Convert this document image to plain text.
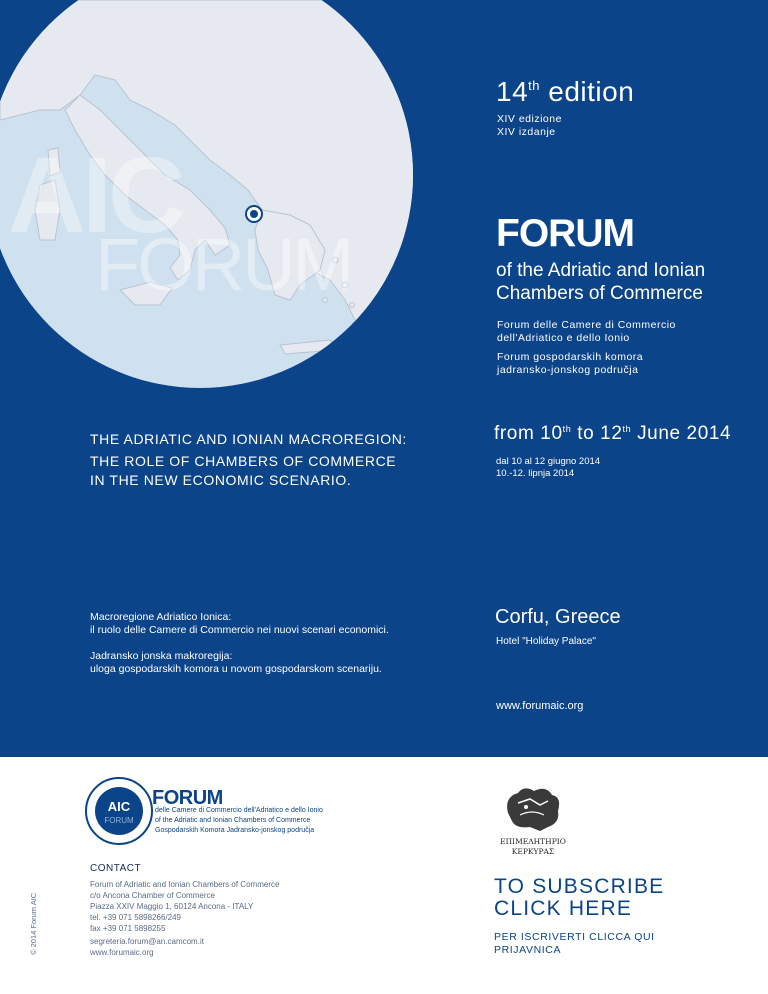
AIC
FORUM
14th edition
XIV edizione
XIV izdanje
FORUM
of the Adriatic and Ionian
Chambers of Commerce
Forum delle Camere di Commercio
dell'Adriatico e dello Ionio
Forum gospodarskih komora
jadransko-jonskog područja
THE ADRIATIC AND IONIAN MACROREGION:
THE ROLE OF CHAMBERS OF COMMERCE
IN THE NEW ECONOMIC SCENARIO.
from 10th to 12th June 2014
dal 10 al 12 giugno 2014
10.-12. lipnja 2014
Macroregione Adriatico Ionica:
il ruolo delle Camere di Commercio nei nuovi scenari economici.
Jadransko jonska makroregija:
uloga gospodarskih komora u novom gospodarskom scenariju.
Corfu, Greece
Hotel "Holiday Palace"
www.forumaic.org
AIC
FORUM
FORUM
delle Camere di Commercio dell'Adriatico e dello Ionio
of the Adriatic and Ionian Chambers of Commerce
Gospodarskih Komora Jadransko-jonskog područja
© 2014 Forum AIC
CONTACT
Forum of Adriatic and Ionian Chambers of Commerce
c/o Ancona Chamber of Commerce
Piazza XXIV Maggio 1, 60124 Ancona - ITALY
tel. +39 071 5898266/249
fax +39 071 5898255
segreteria.forum@an.camcom.it
www.forumaic.org
ΕΠΙΜΕΛΗΤΗΡΙΟ
ΚΕΡΚΥΡΑΣ
TO SUBSCRIBE
CLICK HERE
PER ISCRIVERTI CLICCA QUI
PRIJAVNICA
